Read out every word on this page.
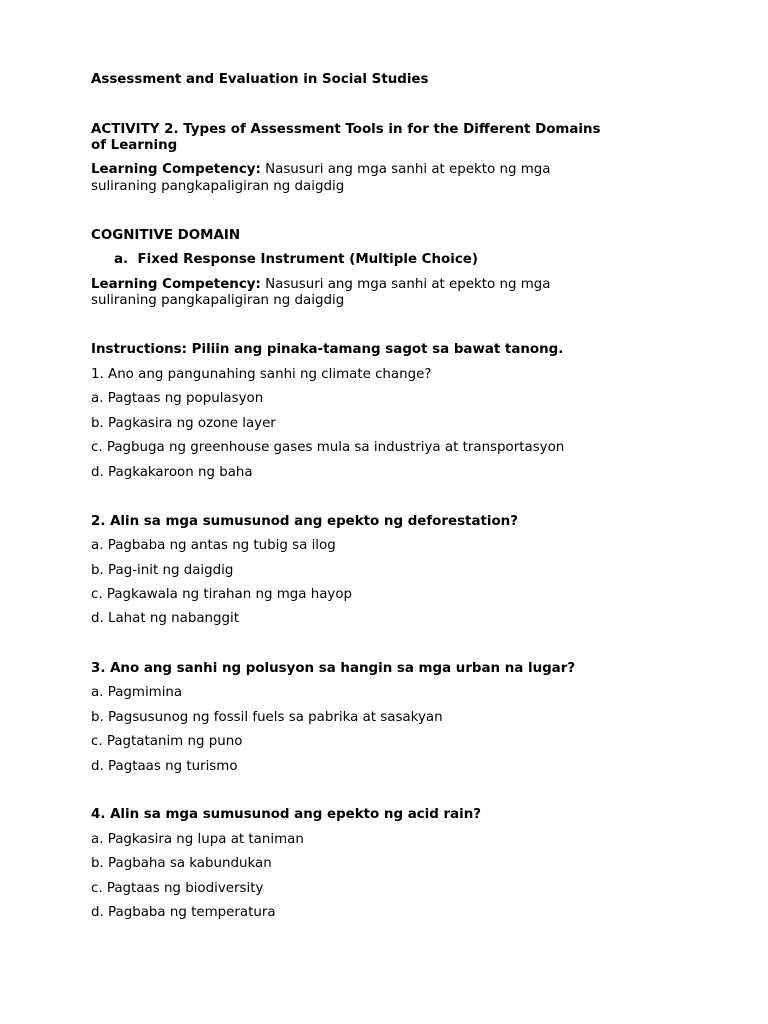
Assessment and Evaluation in Social Studies

ACTIVITY 2. Types of Assessment Tools in for the Different Domains

of Learning

Learning Competency: Nasusuri ang mga sanhi at epekto ng mga

suliraning pangkapaligiran ng daigdig

COGNITIVE DOMAIN

a. Fixed Response Instrument (Multiple Choice)

Learning Competency: Nasusuri ang mga sanhi at epekto ng mga

suliraning pangkapaligiran ng daigdig

Instructions: Piliin ang pinaka-tamang sagot sa bawat tanong.

1. Ano ang pangunahing sanhi ng climate change?

a. Pagtaas ng populasyon

b. Pagkasira ng ozone layer

c. Pagbuga ng greenhouse gases mula sa industriya at transportasyon

d. Pagkakaroon ng baha

2. Alin sa mga sumusunod ang epekto ng deforestation?

a. Pagbaba ng antas ng tubig sa ilog

b. Pag-init ng daigdig

c. Pagkawala ng tirahan ng mga hayop

d. Lahat ng nabanggit

3. Ano ang sanhi ng polusyon sa hangin sa mga urban na lugar?

a. Pagmimina

b. Pagsusunog ng fossil fuels sa pabrika at sasakyan

c. Pagtatanim ng puno

d. Pagtaas ng turismo

4. Alin sa mga sumusunod ang epekto ng acid rain?

a. Pagkasira ng lupa at taniman

b. Pagbaha sa kabundukan

c. Pagtaas ng biodiversity

d. Pagbaba ng temperatura
